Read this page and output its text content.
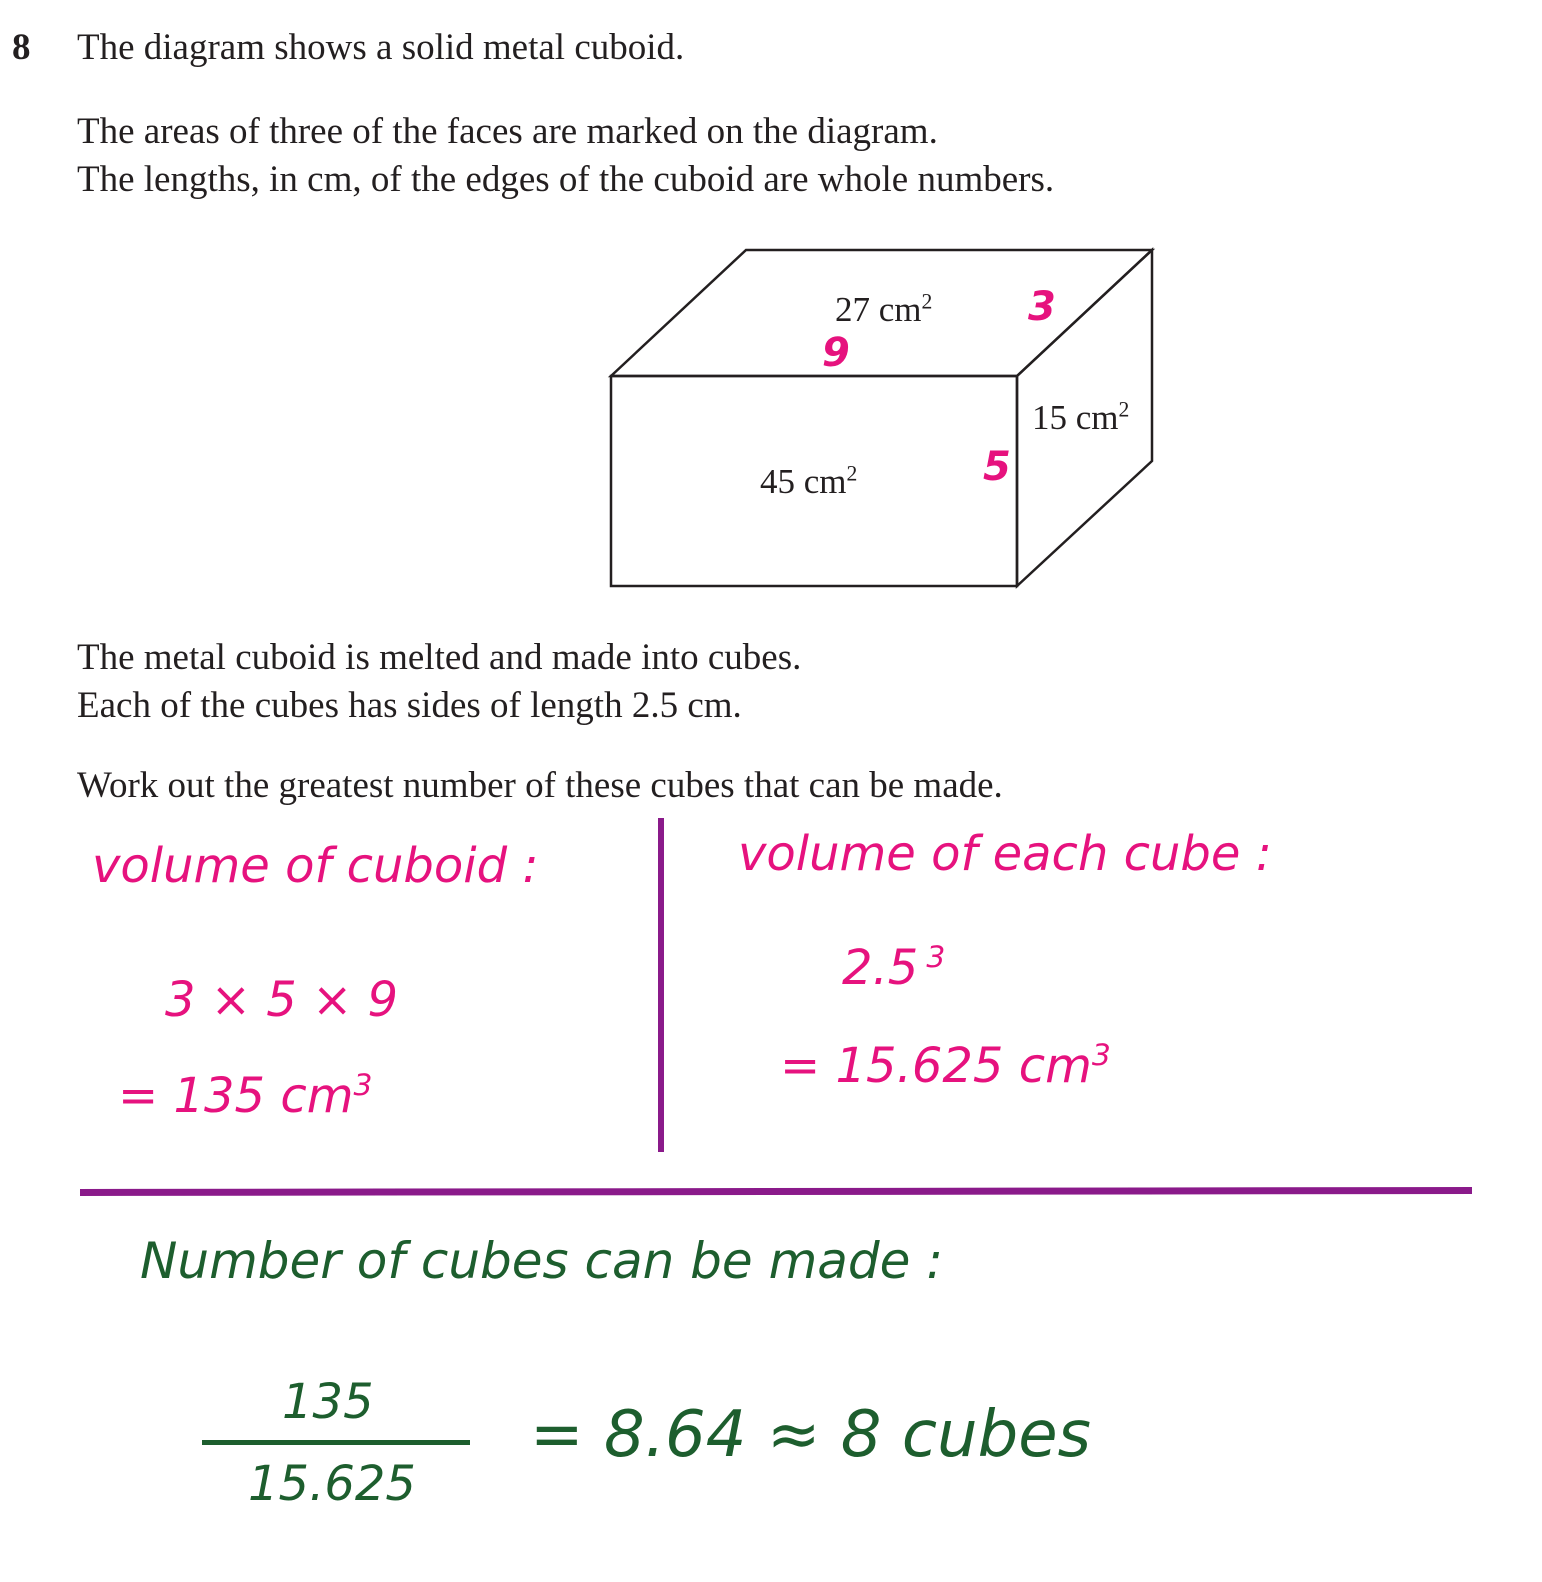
8 The diagram shows a solid metal cuboid.
The areas of three of the faces are marked on the diagram.
The lengths, in cm, of the edges of the cuboid are whole numbers.
27 $cm^2$
15 $cm^2$
45 $cm^2$
3
9
5
The metal cuboid is melted and made into cubes.
Each of the cubes has sides of length 2.5 cm.
Work out the greatest number of these cubes that can be made.
volume of cuboid :
3 × 5 × 9
= 135 $cm^3$
volume of each cube :
2.5 $^3$
= 15.625 $cm^3$
Number of cubes can be made :
135
15.625
= 8.64 ≈ 8 cubes
